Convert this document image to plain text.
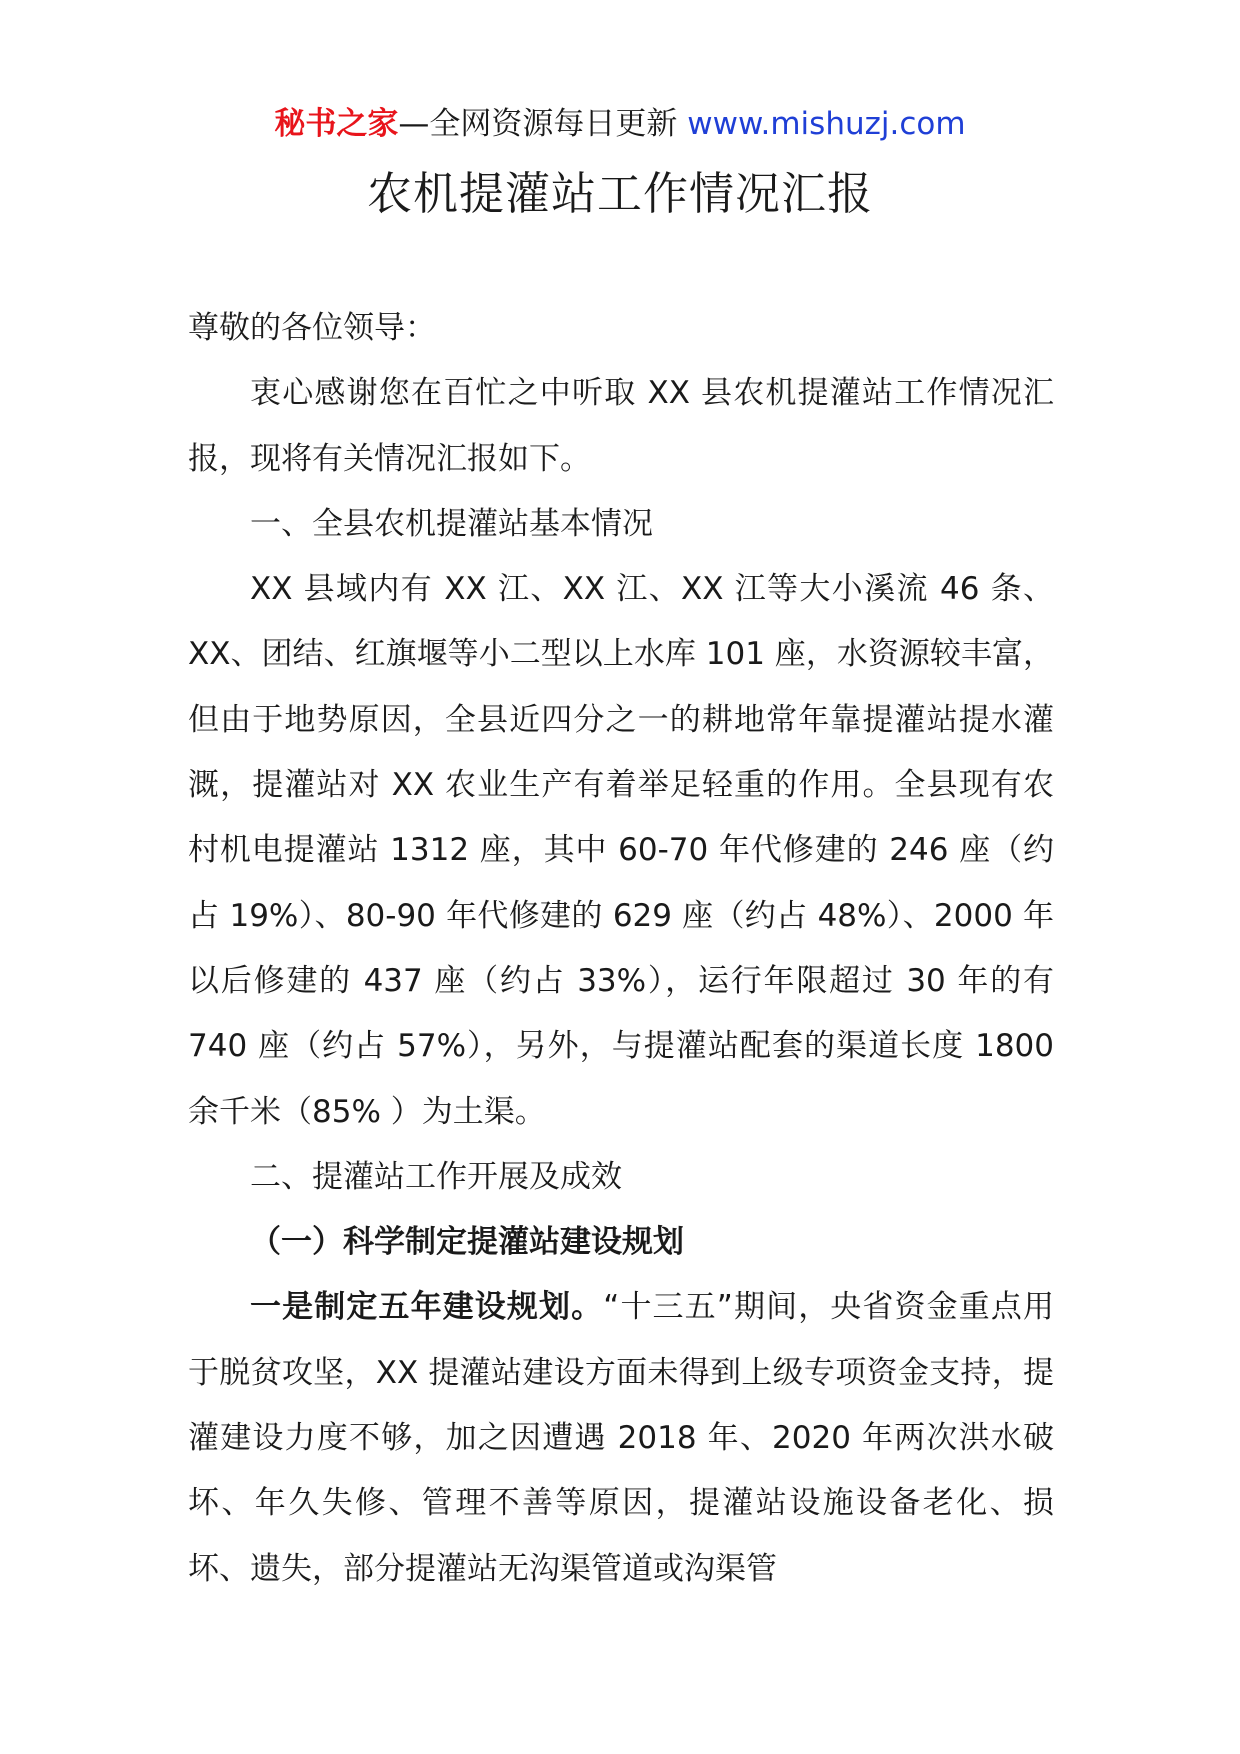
秘书之家—全网资源每日更新 www.mishuzj.com
农机提灌站工作情况汇报

尊敬的各位领导：

衷心感谢您在百忙之中听取 XX 县农机提灌站工作情况汇报，现将有关情况汇报如下。

一、全县农机提灌站基本情况

XX 县域内有 XX 江、XX 江、XX 江等大小溪流 46 条、XX、团结、红旗堰等小二型以上水库 101 座，水资源较丰富，但由于地势原因，全县近四分之一的耕地常年靠提灌站提水灌溉，提灌站对 XX 农业生产有着举足轻重的作用。全县现有农村机电提灌站 1312 座，其中 60-70 年代修建的 246 座（约占 19%）、80-90 年代修建的 629 座（约占 48%）、2000 年以后修建的 437 座（约占 33%），运行年限超过 30 年的有 740 座（约占 57%），另外，与提灌站配套的渠道长度 1800 余千米（85% ）为土渠。

二、提灌站工作开展及成效

（一）科学制定提灌站建设规划

一是制定五年建设规划。“十三五”期间，央省资金重点用于脱贫攻坚，XX 提灌站建设方面未得到上级专项资金支持，提灌建设力度不够，加之因遭遇 2018 年、2020 年两次洪水破坏、年久失修、管理不善等原因，提灌站设施设备老化、损坏、遗失，部分提灌站无沟渠管道或沟渠管
